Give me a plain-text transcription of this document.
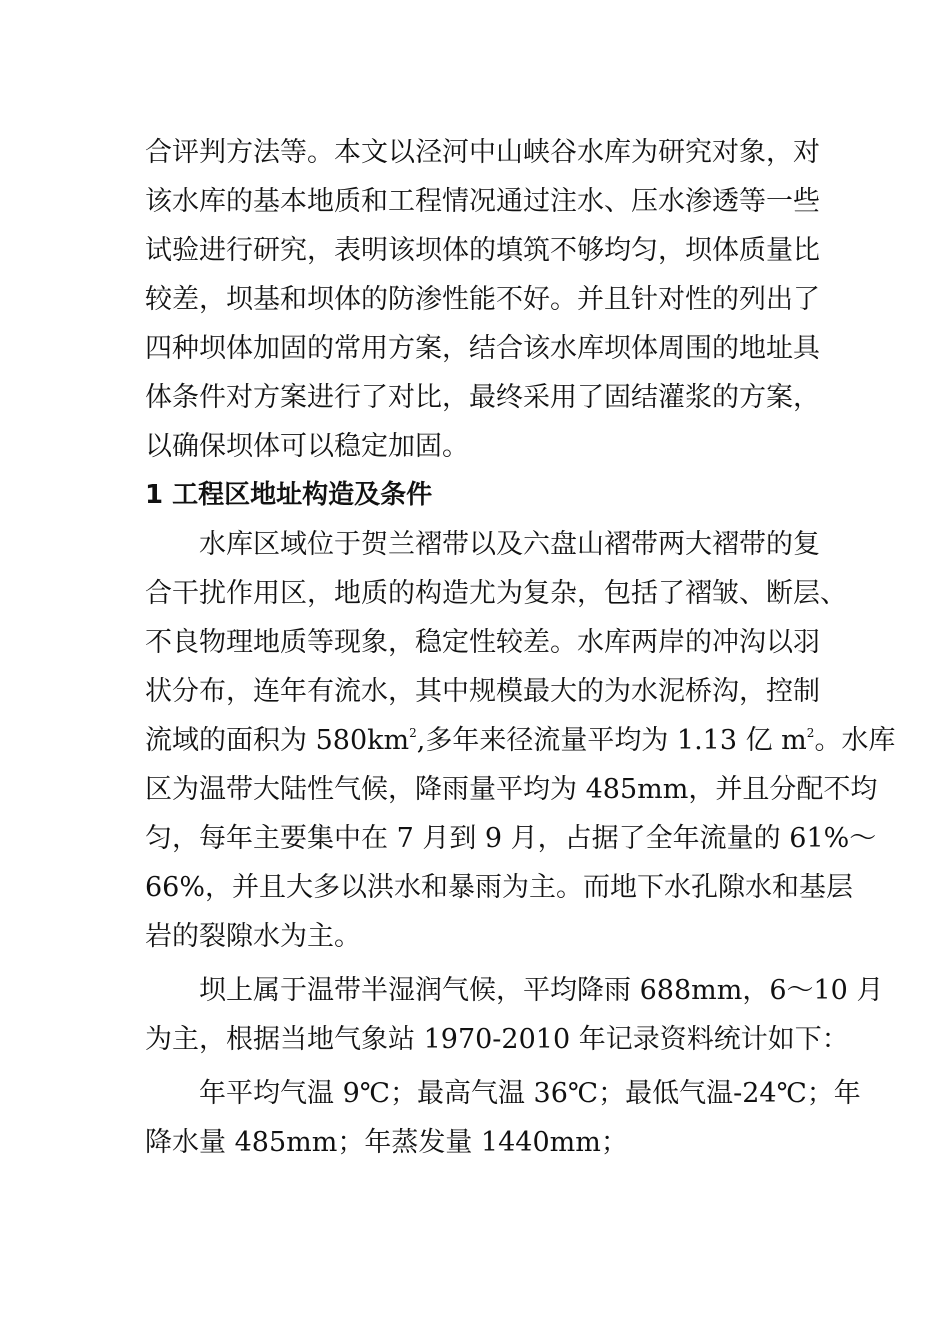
合评判方法等。本文以泾河中山峡谷水库为研究对象，对
该水库的基本地质和工程情况通过注水、压水渗透等一些
试验进行研究，表明该坝体的填筑不够均匀，坝体质量比
较差，坝基和坝体的防渗性能不好。并且针对性的列出了
四种坝体加固的常用方案，结合该水库坝体周围的地址具
体条件对方案进行了对比，最终采用了固结灌浆的方案，
以确保坝体可以稳定加固。
1 工程区地址构造及条件
水库区域位于贺兰褶带以及六盘山褶带两大褶带的复
合干扰作用区，地质的构造尤为复杂，包括了褶皱、断层、
不良物理地质等现象，稳定性较差。水库两岸的冲沟以羽
状分布，连年有流水，其中规模最大的为水泥桥沟，控制
流域的面积为 $580km^2$,多年来径流量平均为 1.13 亿 $m^2$。水库
区为温带大陆性气候，降雨量平均为 485mm，并且分配不均
匀，每年主要集中在 7 月到 9 月，占据了全年流量的 61%～
66%，并且大多以洪水和暴雨为主。而地下水孔隙水和基层
岩的裂隙水为主。
坝上属于温带半湿润气候，平均降雨 688mm，6～10 月
为主，根据当地气象站 1970-2010 年记录资料统计如下：
年平均气温 9℃；最高气温 36℃；最低气温-24℃；年
降水量 485mm；年蒸发量 1440mm；
